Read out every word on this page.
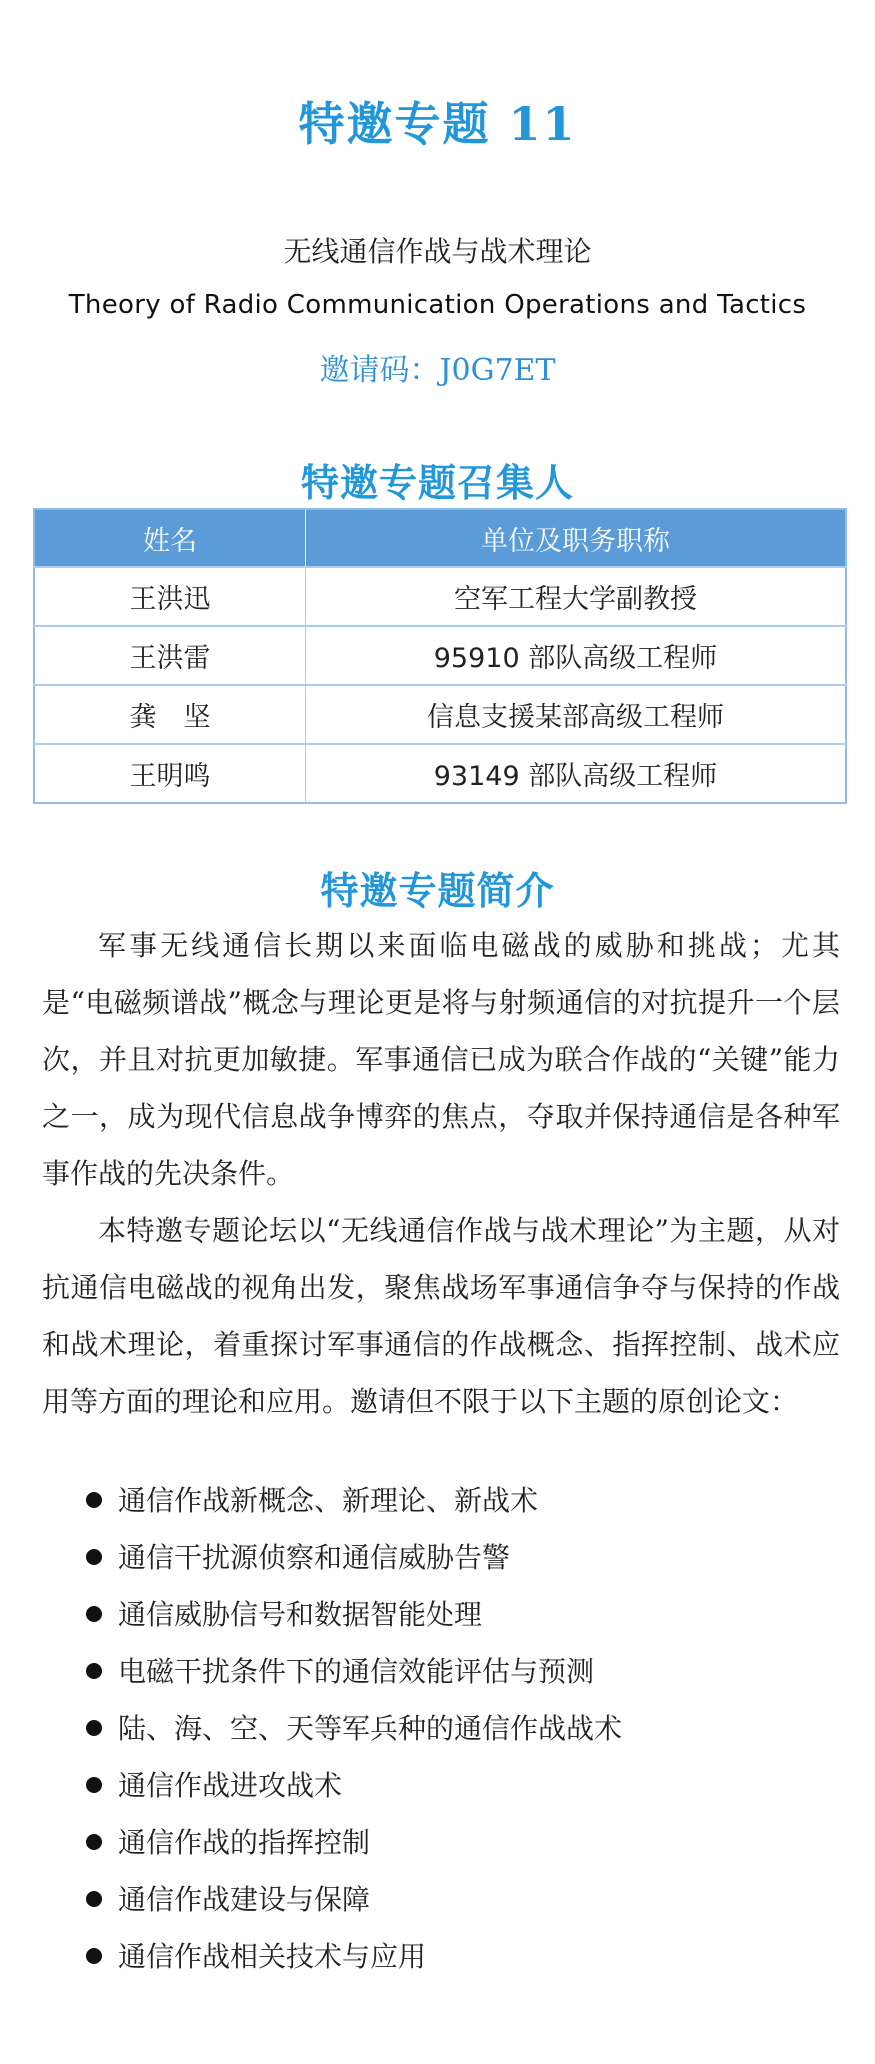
特邀专题 11
无线通信作战与战术理论
Theory of Radio Communication Operations and Tactics
邀请码：J0G7ET
特邀专题召集人
姓名	单位及职务职称
王洪迅	空军工程大学副教授
王洪雷	95910 部队高级工程师
龚　坚	信息支援某部高级工程师
王明鸣	93149 部队高级工程师
特邀专题简介

军事无线通信长期以来面临电磁战的威胁和挑战；尤其是“电磁频谱战”概念与理论更是将与射频通信的对抗提升一个层次，并且对抗更加敏捷。军事通信已成为联合作战的“关键”能力之一，成为现代信息战争博弈的焦点，夺取并保持通信是各种军事作战的先决条件。

本特邀专题论坛以“无线通信作战与战术理论”为主题，从对抗通信电磁战的视角出发，聚焦战场军事通信争夺与保持的作战和战术理论，着重探讨军事通信的作战概念、指挥控制、战术应用等方面的理论和应用。邀请但不限于以下主题的原创论文：

通信作战新概念、新理论、新战术
通信干扰源侦察和通信威胁告警
通信威胁信号和数据智能处理
电磁干扰条件下的通信效能评估与预测
陆、海、空、天等军兵种的通信作战战术
通信作战进攻战术
通信作战的指挥控制
通信作战建设与保障
通信作战相关技术与应用
